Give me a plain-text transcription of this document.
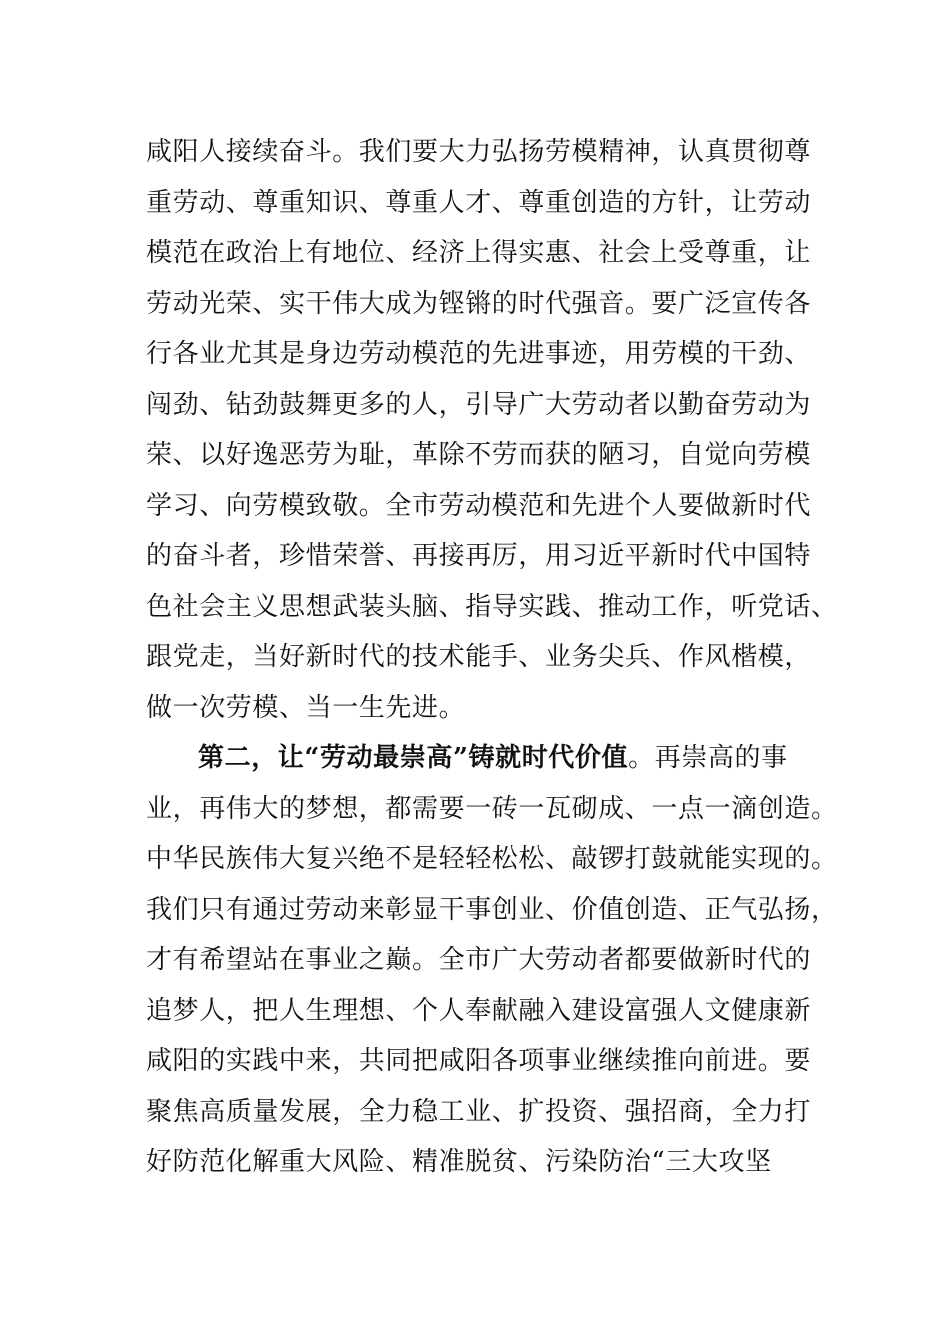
咸阳人接续奋斗。我们要大力弘扬劳模精神，认真贯彻尊
重劳动、尊重知识、尊重人才、尊重创造的方针，让劳动
模范在政治上有地位、经济上得实惠、社会上受尊重，让
劳动光荣、实干伟大成为铿锵的时代强音。要广泛宣传各
行各业尤其是身边劳动模范的先进事迹，用劳模的干劲、
闯劲、钻劲鼓舞更多的人，引导广大劳动者以勤奋劳动为
荣、以好逸恶劳为耻，革除不劳而获的陋习，自觉向劳模
学习、向劳模致敬。全市劳动模范和先进个人要做新时代
的奋斗者，珍惜荣誉、再接再厉，用习近平新时代中国特
色社会主义思想武装头脑、指导实践、推动工作，听党话、
跟党走，当好新时代的技术能手、业务尖兵、作风楷模，
做一次劳模、当一生先进。
第二，让“劳动最崇高”铸就时代价值。再崇高的事
业，再伟大的梦想，都需要一砖一瓦砌成、一点一滴创造。
中华民族伟大复兴绝不是轻轻松松、敲锣打鼓就能实现的。
我们只有通过劳动来彰显干事创业、价值创造、正气弘扬，
才有希望站在事业之巅。全市广大劳动者都要做新时代的
追梦人，把人生理想、个人奉献融入建设富强人文健康新
咸阳的实践中来，共同把咸阳各项事业继续推向前进。要
聚焦高质量发展，全力稳工业、扩投资、强招商，全力打
好防范化解重大风险、精准脱贫、污染防治“三大攻坚
